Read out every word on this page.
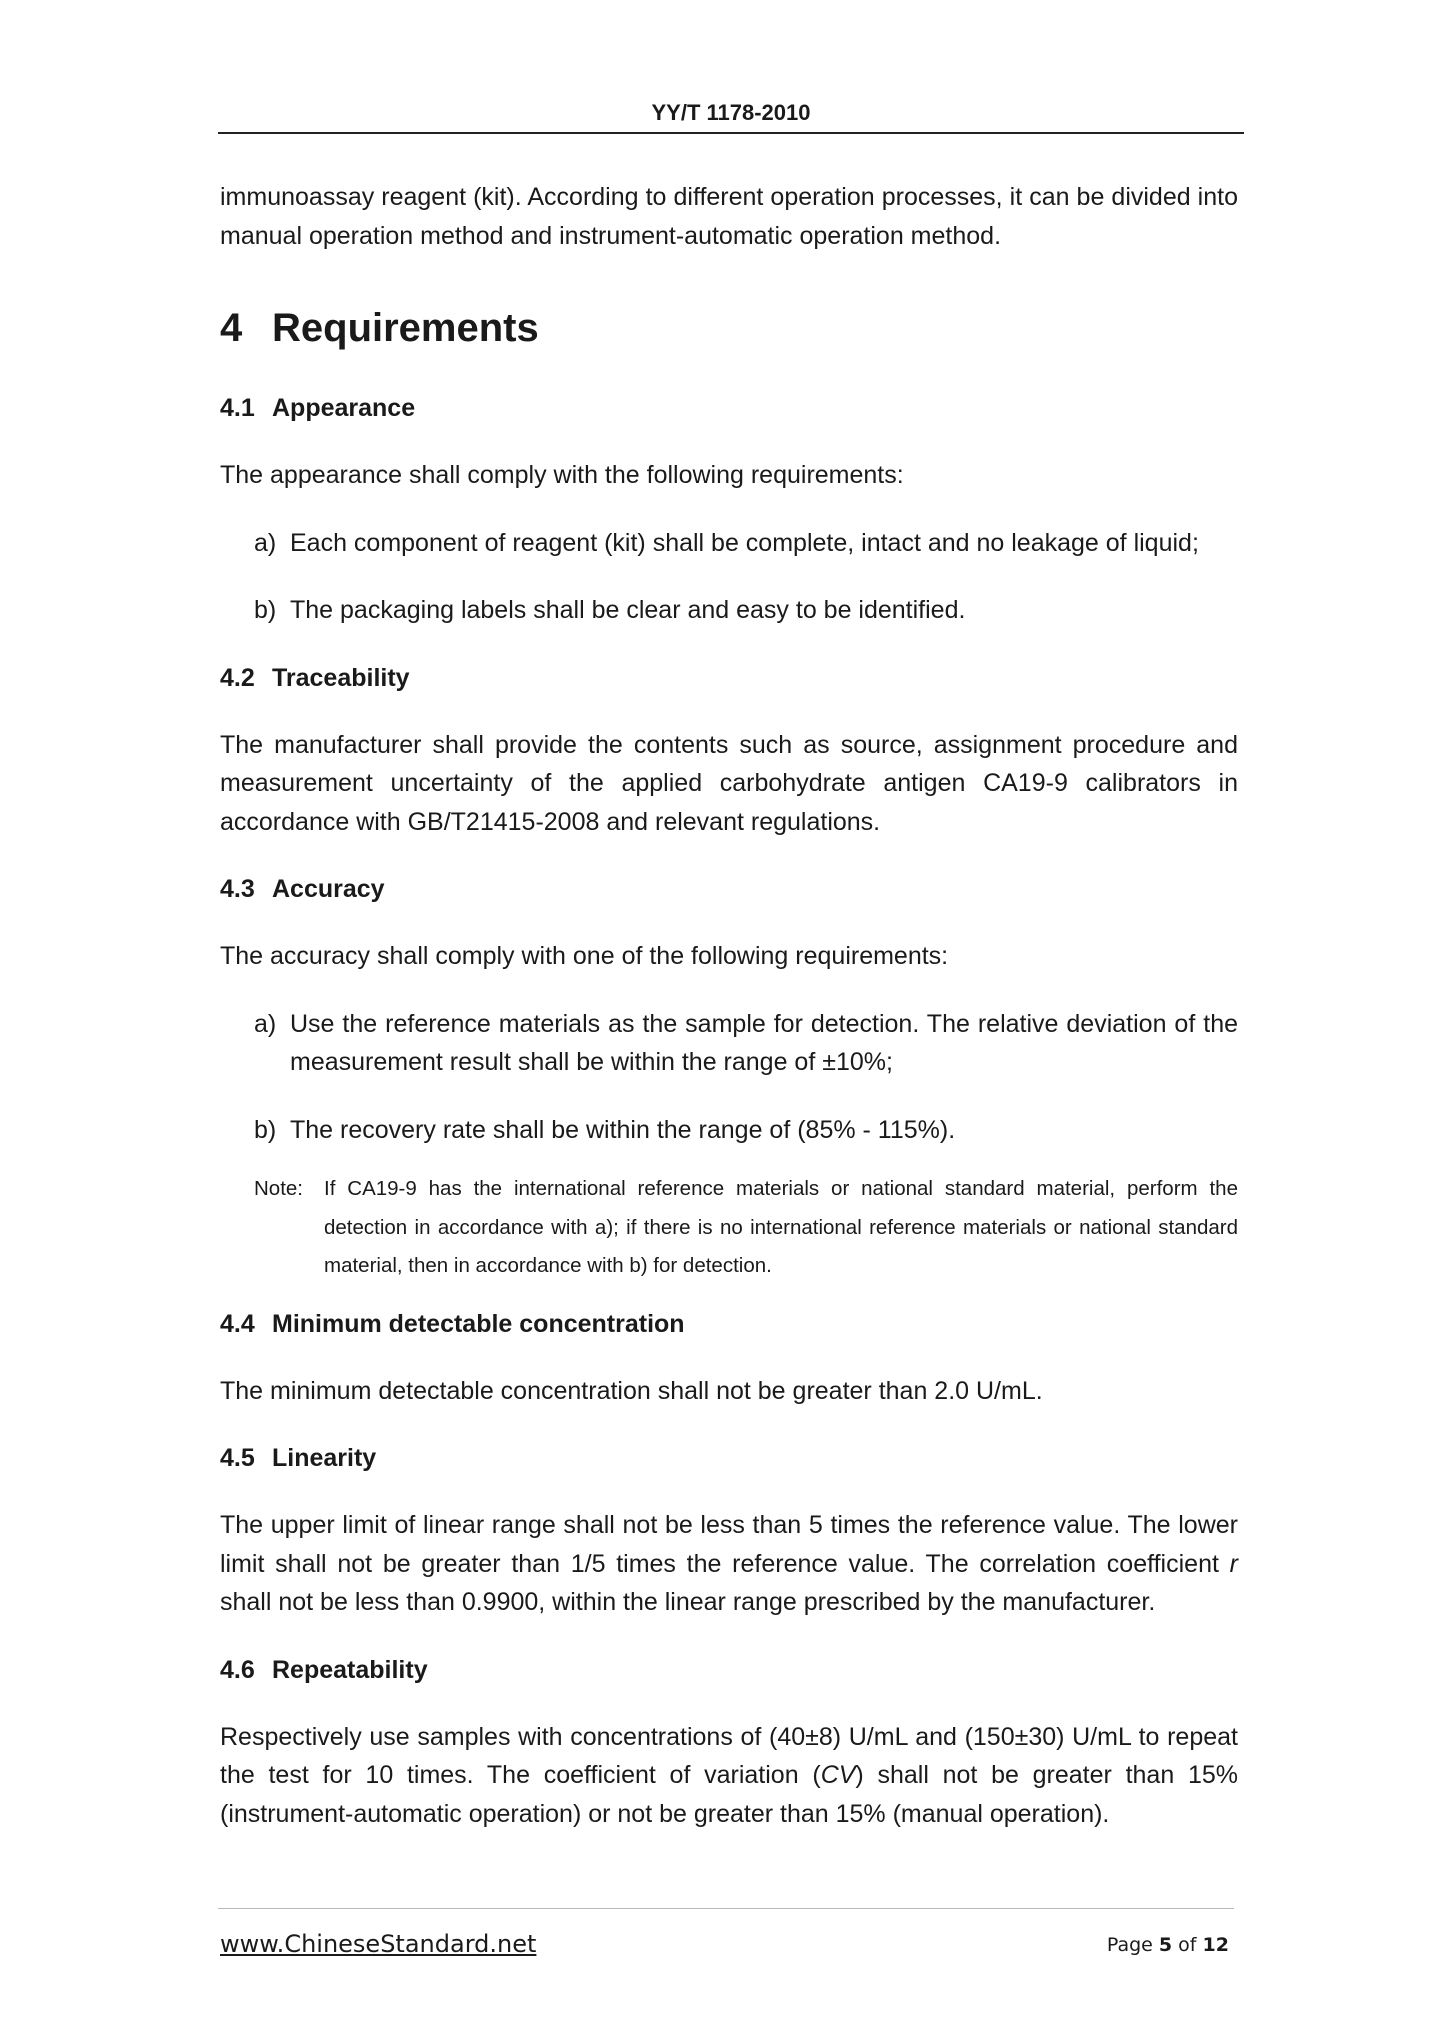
YY/T 1178-2010

immunoassay reagent (kit). According to different operation processes, it can be divided into manual operation method and instrument-automatic operation method.

4 Requirements
4.1 Appearance

The appearance shall comply with the following requirements:

a) Each component of reagent (kit) shall be complete, intact and no leakage of liquid;
b) The packaging labels shall be clear and easy to be identified.
4.2 Traceability

The manufacturer shall provide the contents such as source, assignment procedure and measurement uncertainty of the applied carbohydrate antigen CA19-9 calibrators in accordance with GB/T21415-2008 and relevant regulations.

4.3 Accuracy

The accuracy shall comply with one of the following requirements:

a) Use the reference materials as the sample for detection. The relative deviation of the measurement result shall be within the range of ±10%;
b) The recovery rate shall be within the range of (85% - 115%).
Note: If CA19-9 has the international reference materials or national standard material, perform the detection in accordance with a); if there is no international reference materials or national standard material, then in accordance with b) for detection.
4.4 Minimum detectable concentration

The minimum detectable concentration shall not be greater than 2.0 U/mL.

4.5 Linearity

The upper limit of linear range shall not be less than 5 times the reference value. The lower limit shall not be greater than 1/5 times the reference value. The correlation coefficient r shall not be less than 0.9900, within the linear range prescribed by the manufacturer.

4.6 Repeatability

Respectively use samples with concentrations of (40±8) U/mL and (150±30) U/mL to repeat the test for 10 times. The coefficient of variation (CV) shall not be greater than 15% (instrument-automatic operation) or not be greater than 15% (manual operation).

www.ChineseStandard.net	Page 5 of 12
